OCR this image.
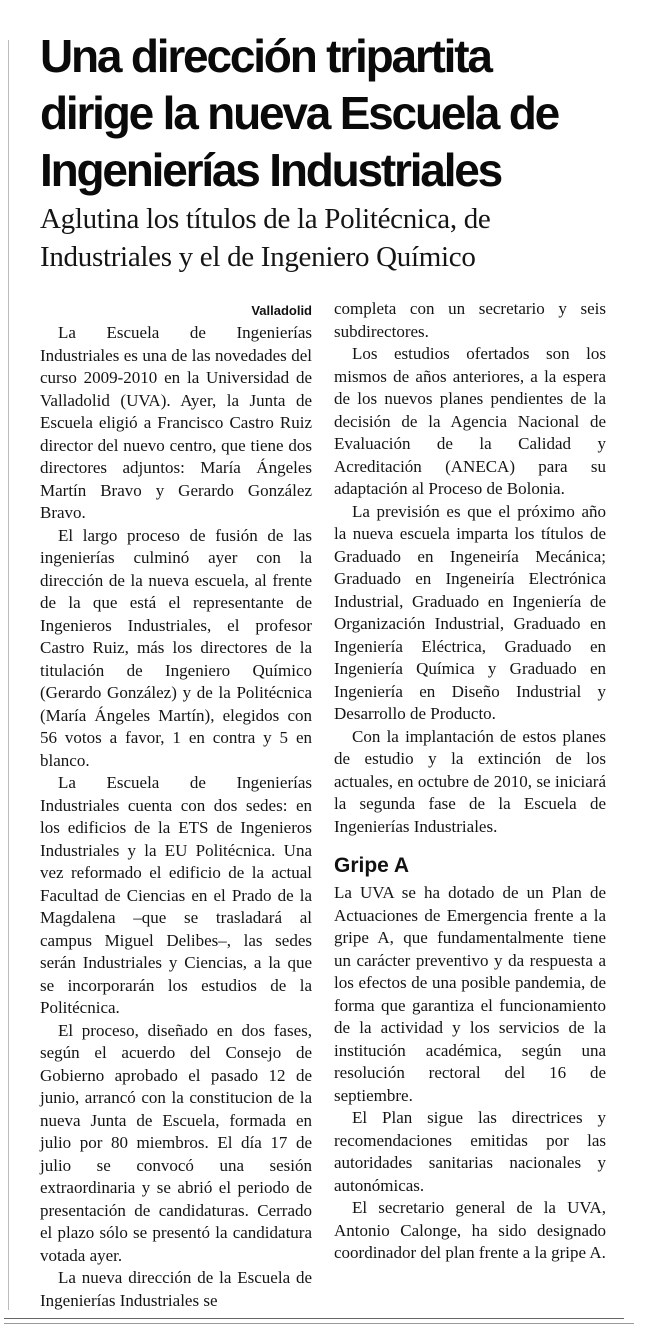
Una dirección tripartita
dirige la nueva Escuela de
Ingenierías Industriales
Aglutina los títulos de la Politécnica, de
Industriales y el de Ingeniero Químico
Valladolid

La Escuela de Ingenierías Industriales es una de las novedades del curso 2009-2010 en la Universidad de Valladolid (UVA). Ayer, la Junta de Escuela eligió a Francisco Castro Ruiz director del nuevo centro, que tiene dos directores adjuntos: María Ángeles Martín Bravo y Gerardo González Bravo.

El largo proceso de fusión de las ingenierías culminó ayer con la dirección de la nueva escuela, al frente de la que está el representante de Ingenieros Industriales, el profesor Castro Ruiz, más los directores de la titulación de Ingeniero Químico (Gerardo González) y de la Politécnica (María Ángeles Martín), elegidos con 56 votos a favor, 1 en contra y 5 en blanco.

La Escuela de Ingenierías Industriales cuenta con dos sedes: en los edificios de la ETS de Ingenieros Industriales y la EU Politécnica. Una vez reformado el edificio de la actual Facultad de Ciencias en el Prado de la Magdalena –que se trasladará al campus Miguel Delibes–, las sedes serán Industriales y Ciencias, a la que se incorporarán los estudios de la Politécnica.

El proceso, diseñado en dos fases, según el acuerdo del Consejo de Gobierno aprobado el pasado 12 de junio, arrancó con la constitucion de la nueva Junta de Escuela, formada en julio por 80 miembros. El día 17 de julio se convocó una sesión extraordinaria y se abrió el periodo de presentación de candidaturas. Cerrado el plazo sólo se presentó la candidatura votada ayer.

La nueva dirección de la Escuela de Ingenierías Industriales se

completa con un secretario y seis subdirectores.

Los estudios ofertados son los mismos de años anteriores, a la espera de los nuevos planes pendientes de la decisión de la Agencia Nacional de Evaluación de la Calidad y Acreditación (ANECA) para su adaptación al Proceso de Bolonia.

La previsión es que el próximo año la nueva escuela imparta los títulos de Graduado en Ingeneiría Mecánica; Graduado en Ingeneiría Electrónica Industrial, Graduado en Ingeniería de Organización Industrial, Graduado en Ingeniería Eléctrica, Graduado en Ingeniería Química y Graduado en Ingeniería en Diseño Industrial y Desarrollo de Producto.

Con la implantación de estos planes de estudio y la extinción de los actuales, en octubre de 2010, se iniciará la segunda fase de la Escuela de Ingenierías Industriales.

Gripe A

La UVA se ha dotado de un Plan de Actuaciones de Emergencia frente a la gripe A, que fundamentalmente tiene un carácter preventivo y da respuesta a los efectos de una posible pandemia, de forma que garantiza el funcionamiento de la actividad y los servicios de la institución académica, según una resolución rectoral del 16 de septiembre.

El Plan sigue las directrices y recomendaciones emitidas por las autoridades sanitarias nacionales y autonómicas.

El secretario general de la UVA, Antonio Calonge, ha sido designado coordinador del plan frente a la gripe A.
